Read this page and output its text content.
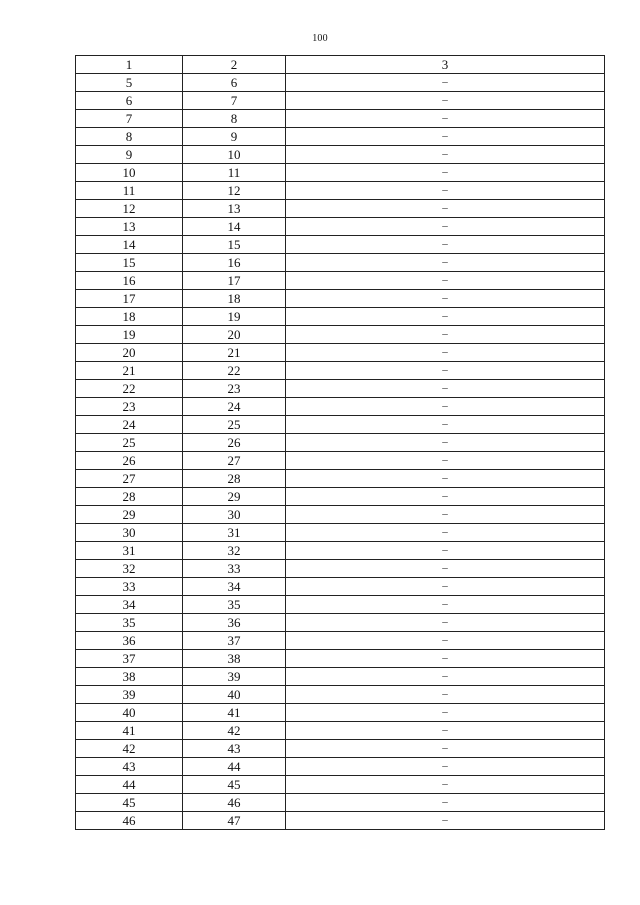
100
1	2	3
5	6	–
6	7	–
7	8	–
8	9	–
9	10	–
10	11	–
11	12	–
12	13	–
13	14	–
14	15	–
15	16	–
16	17	–
17	18	–
18	19	–
19	20	–
20	21	–
21	22	–
22	23	–
23	24	–
24	25	–
25	26	–
26	27	–
27	28	–
28	29	–
29	30	–
30	31	–
31	32	–
32	33	–
33	34	–
34	35	–
35	36	–
36	37	–
37	38	–
38	39	–
39	40	–
40	41	–
41	42	–
42	43	–
43	44	–
44	45	–
45	46	–
46	47	–
